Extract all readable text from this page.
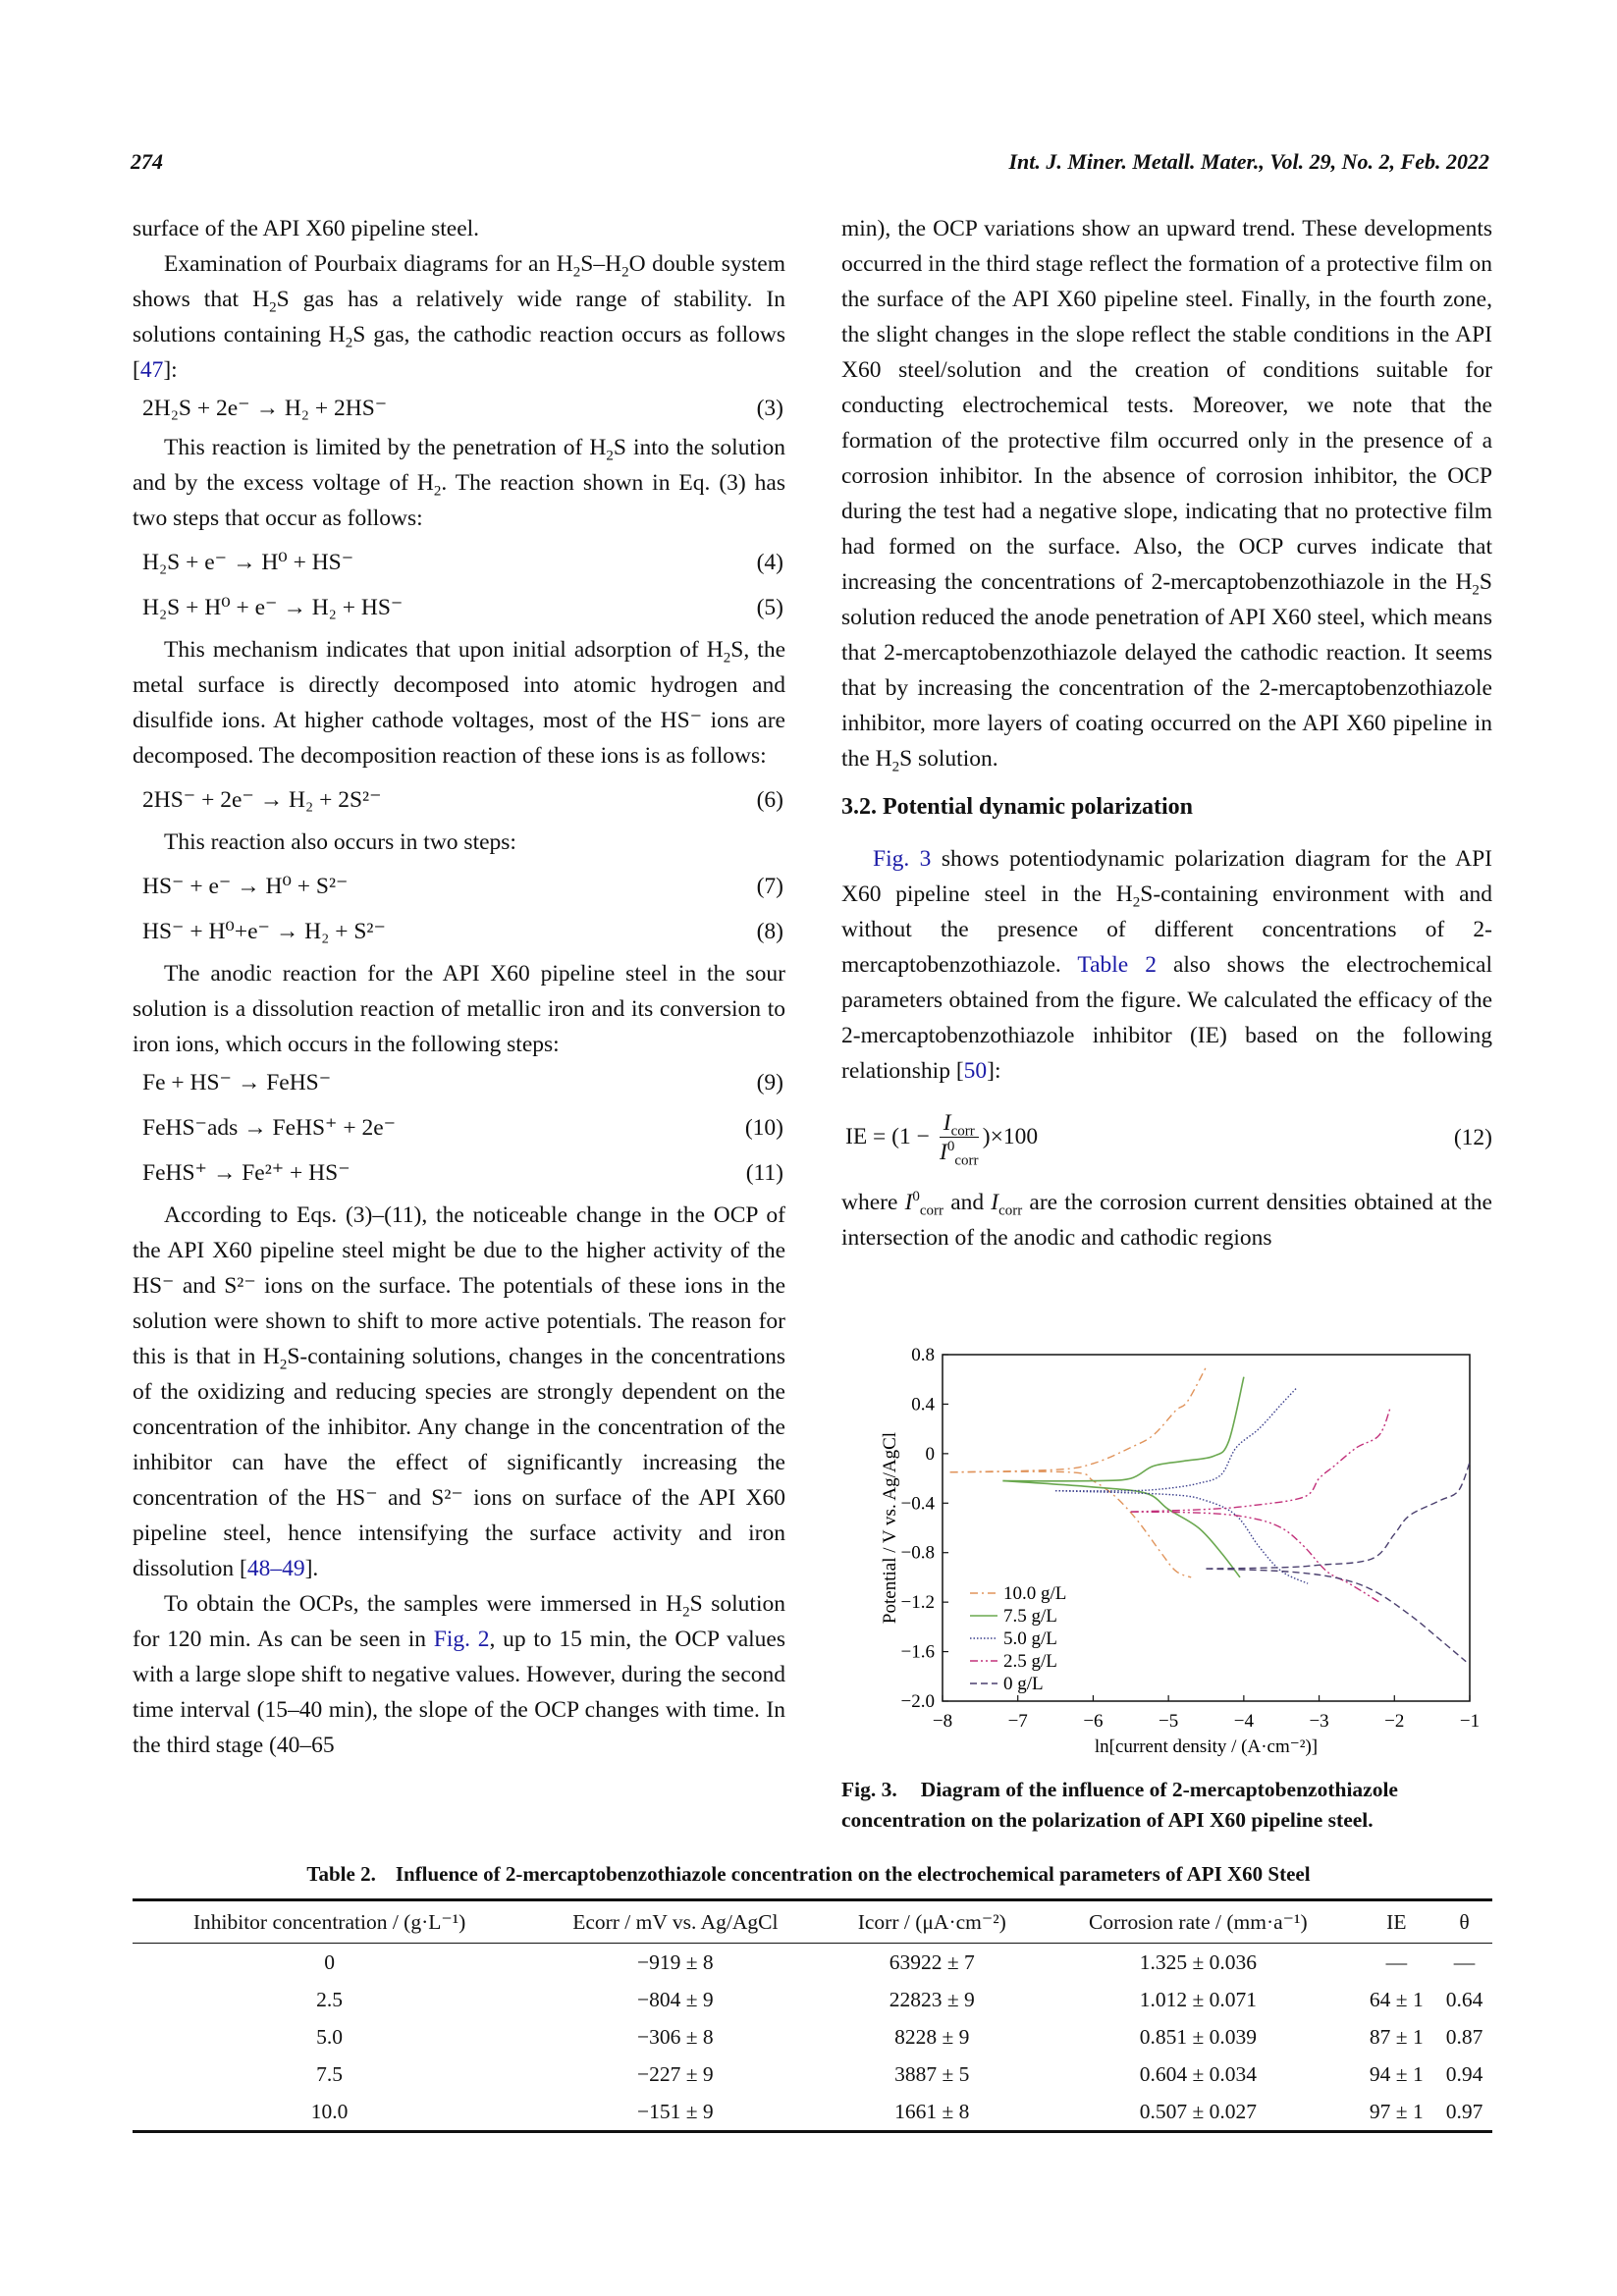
274	Int. J. Miner. Metall. Mater., Vol. 29, No. 2, Feb. 2022

surface of the API X60 pipeline steel.

Examination of Pourbaix diagrams for an $H_2S-H_2O$ double system shows that $H_2S$ gas has a relatively wide range of stability. In solutions containing $H_2S$ gas, the cathodic reaction occurs as follows [47]:

2H₂S + 2e⁻ → H₂ + 2HS⁻	(3)

This reaction is limited by the penetration of $H_2S$ into the solution and by the excess voltage of $H_2$. The reaction shown in Eq. (3) has two steps that occur as follows:

H₂S + e⁻ → H⁰ + HS⁻	(4)
H₂S + H⁰ + e⁻ → H₂ + HS⁻	(5)

This mechanism indicates that upon initial adsorption of $H_2S$, the metal surface is directly decomposed into atomic hydrogen and disulfide ions. At higher cathode voltages, most of the HS⁻ ions are decomposed. The decomposition reaction of these ions is as follows:

2HS⁻ + 2e⁻ → H₂ + 2S²⁻	(6)

This reaction also occurs in two steps:

HS⁻ + e⁻ → H⁰ + S²⁻	(7)
HS⁻ + H⁰+e⁻ → H₂ + S²⁻	(8)

The anodic reaction for the API X60 pipeline steel in the sour solution is a dissolution reaction of metallic iron and its conversion to iron ions, which occurs in the following steps:

Fe + HS⁻ → FeHS⁻	(9)
FeHS⁻ads → FeHS⁺ + 2e⁻	(10)
FeHS⁺ → Fe²⁺ + HS⁻	(11)

According to Eqs. (3)–(11), the noticeable change in the OCP of the API X60 pipeline steel might be due to the higher activity of the HS⁻ and S²⁻ ions on the surface. The potentials of these ions in the solution were shown to shift to more active potentials. The reason for this is that in $H_2S$-containing solutions, changes in the concentrations of the oxidizing and reducing species are strongly dependent on the concentration of the inhibitor. Any change in the concentration of the inhibitor can have the effect of significantly increasing the concentration of the HS⁻ and S²⁻ ions on surface of the API X60 pipeline steel, hence intensifying the surface activity and iron dissolution [48–49].

To obtain the OCPs, the samples were immersed in $H_2S$ solution for 120 min. As can be seen in Fig. 2, up to 15 min, the OCP values with a large slope shift to negative values. However, during the second time interval (15–40 min), the slope of the OCP changes with time. In the third stage (40–65

min), the OCP variations show an upward trend. These developments occurred in the third stage reflect the formation of a protective film on the surface of the API X60 pipeline steel. Finally, in the fourth zone, the slight changes in the slope reflect the stable conditions in the API X60 steel/solution and the creation of conditions suitable for conducting electrochemical tests. Moreover, we note that the formation of the protective film occurred only in the presence of a corrosion inhibitor. In the absence of corrosion inhibitor, the OCP during the test had a negative slope, indicating that no protective film had formed on the surface. Also, the OCP curves indicate that increasing the concentrations of 2-mercaptobenzothiazole in the $H_2S$ solution reduced the anode penetration of API X60 steel, which means that 2-mercaptobenzothiazole delayed the cathodic reaction. It seems that by increasing the concentration of the 2-mercaptobenzothiazole inhibitor, more layers of coating occurred on the API X60 pipeline in the $H_2S$ solution.

3.2. Potential dynamic polarization

Fig. 3 shows potentiodynamic polarization diagram for the API X60 pipeline steel in the $H_2S$-containing environment with and without the presence of different concentrations of 2-mercaptobenzothiazole. Table 2 also shows the electrochemical parameters obtained from the figure. We calculated the efficacy of the 2-mercaptobenzothiazole inhibitor (IE) based on the following relationship [50]:

IE = $(1 - \frac{I_{corr}}{I^0_{corr}} )\times 100$	(12)

where $I^0_{corr}$ and $I_{corr}$ are the corrosion current densities obtained at the intersection of the anodic and cathodic regions

−8	−7	−6	−5	−4	−3	−2	−1
0.8
0.4
0
−0.4
−0.8
−1.2
−1.6
−2.0
ln[current density / (A·cm⁻²)]
Potential / V vs. Ag/AgCl	10.0 g/L
7.5 g/L
5.0 g/L
2.5 g/L
0 g/L
Fig. 3. Diagram of the influence of 2-mercaptobenzothiazole concentration on the polarization of API X60 pipeline steel.
Table 2. Influence of 2-mercaptobenzothiazole concentration on the electrochemical parameters of API X60 Steel
Inhibitor concentration / (g·L⁻¹)	Ecorr / mV vs. Ag/AgCl	Icorr / (μA·cm⁻²)	Corrosion rate / (mm·a⁻¹)	IE	θ
0	−919 ± 8	63922 ± 7	1.325 ± 0.036	—	—
2.5	−804 ± 9	22823 ± 9	1.012 ± 0.071	64 ± 1	0.64
5.0	−306 ± 8	8228 ± 9	0.851 ± 0.039	87 ± 1	0.87
7.5	−227 ± 9	3887 ± 5	0.604 ± 0.034	94 ± 1	0.94
10.0	−151 ± 9	1661 ± 8	0.507 ± 0.027	97 ± 1	0.97
